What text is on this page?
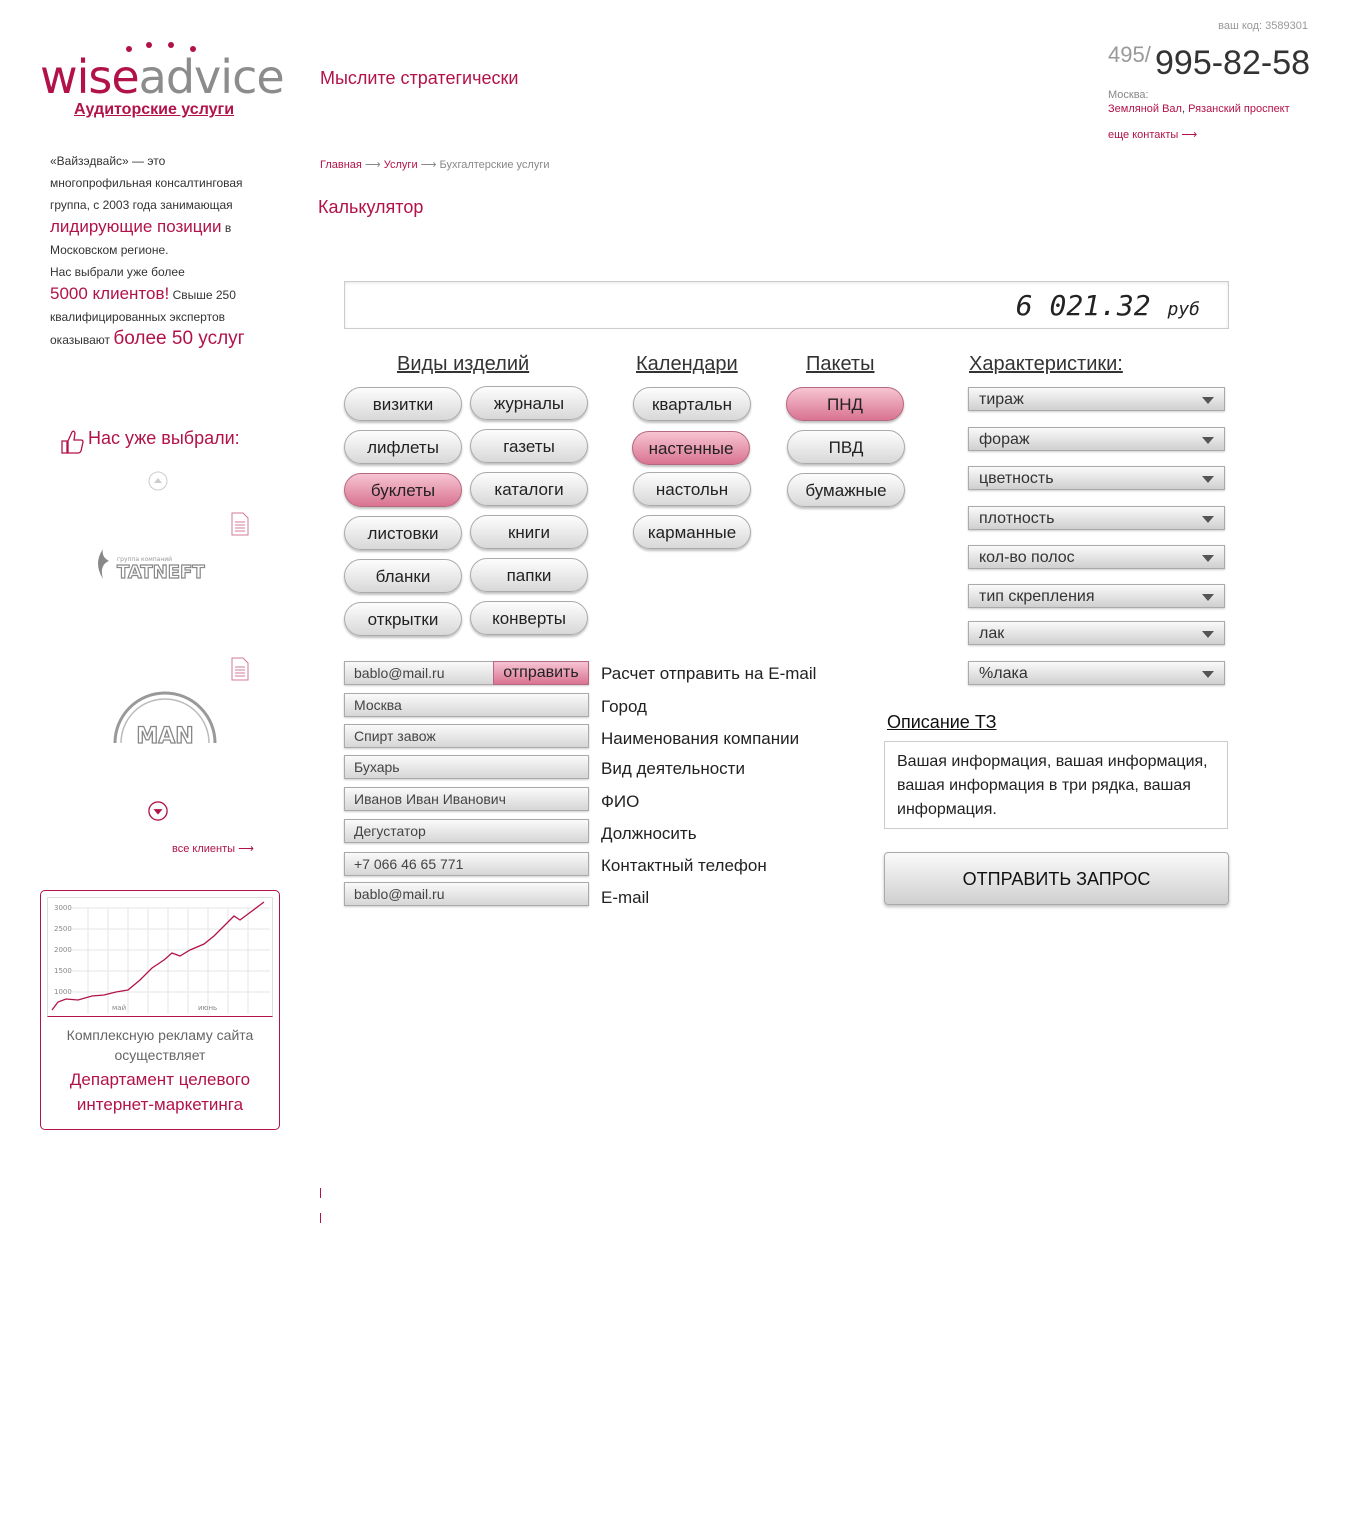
wiseadvice
Аудиторские услуги
Мыслите стратегически
ваш код: 3589301
495/ 995-82-58
Москва:
Земляной Вал, Рязанский проспект
еще контакты ⟶
Главная ⟶ Услуги ⟶ Бухгалтерские услуги
Калькулятор
«Вайзэдвайс» — это многопрофильная консалтинговая группа, с 2003 года занимающая лидирующие позиции в Московском регионе.
Нас выбрали уже более
5000 клиентов! Свыше 250 квалифицированных экспертов оказывают более 50 услуг
Нас уже выбрали:
группа компаний
TATNEFT
MAN
все клиенты ⟶
3000
2500
2000
1500
1000
май	июнь
Комплексную рекламу сайта осуществляет
Департамент целевого интернет-маркетинга
6 021.32 руб
Виды изделий	Календари	Пакеты	Характеристики:
визитки
лифлеты
буклеты
листовки
бланки
открытки
журналы
газеты
каталоги
книги
папки
конверты
квартальн
настенные
настольн
карманные
ПНД
ПВД
бумажные
тираж
фораж
цветность
плотность
кол-во полос
тип скрепления
лак
%лака
bablo@mail.ru	отправить	Расчет отправить на E-mail
Москва	Город
Спирт завож	Наименования компании
Бухарь	Вид деятельности
Иванов Иван Иванович	ФИО
Дегустатор	Должносить
+7 066 46 65 771	Контактный телефон
bablo@mail.ru	E-mail
Описание ТЗ
Вашая информация, вашая информация, вашая информация в три рядка, вашая информация.
ОТПРАВИТЬ ЗАПРОС
